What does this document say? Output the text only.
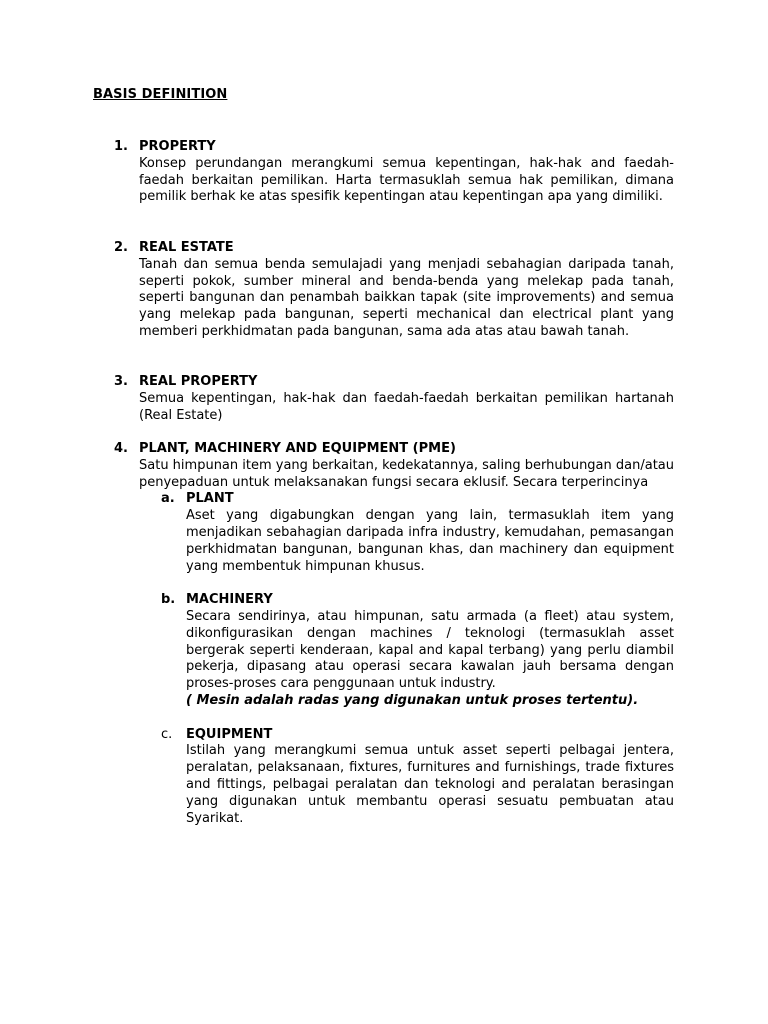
BASIS DEFINITION
1. PROPERTY
Konsep perundangan merangkumi semua kepentingan, hak-hak and faedah-faedah berkaitan pemilikan. Harta termasuklah semua hak pemilikan, dimana pemilik berhak ke atas spesifik kepentingan atau kepentingan apa yang dimiliki.
2. REAL ESTATE
Tanah dan semua benda semulajadi yang menjadi sebahagian daripada tanah, seperti pokok, sumber mineral and benda-benda yang melekap pada tanah, seperti bangunan dan penambah baikkan tapak (site improvements) and semua yang melekap pada bangunan, seperti mechanical dan electrical plant yang memberi perkhidmatan pada bangunan, sama ada atas atau bawah tanah.
3. REAL PROPERTY
Semua kepentingan, hak-hak dan faedah-faedah berkaitan pemilikan hartanah (Real Estate)
4. PLANT, MACHINERY AND EQUIPMENT (PME)
Satu himpunan item yang berkaitan, kedekatannya, saling berhubungan dan/atau penyepaduan untuk melaksanakan fungsi secara eklusif. Secara terperincinya
a. PLANT
Aset yang digabungkan dengan yang lain, termasuklah item yang menjadikan sebahagian daripada infra industry, kemudahan, pemasangan perkhidmatan bangunan, bangunan khas, dan machinery dan equipment yang membentuk himpunan khusus.
b. MACHINERY
Secara sendirinya, atau himpunan, satu armada (a fleet) atau system, dikonfigurasikan dengan machines / teknologi (termasuklah asset bergerak seperti kenderaan, kapal and kapal terbang) yang perlu diambil pekerja, dipasang atau operasi secara kawalan jauh bersama dengan proses-proses cara penggunaan untuk industry.
( Mesin adalah radas yang digunakan untuk proses tertentu).
c.	EQUIPMENT
Istilah yang merangkumi semua untuk asset seperti pelbagai jentera, peralatan, pelaksanaan, fixtures, furnitures and furnishings, trade fixtures and fittings, pelbagai peralatan dan teknologi and peralatan berasingan yang digunakan untuk membantu operasi sesuatu pembuatan atau Syarikat.
